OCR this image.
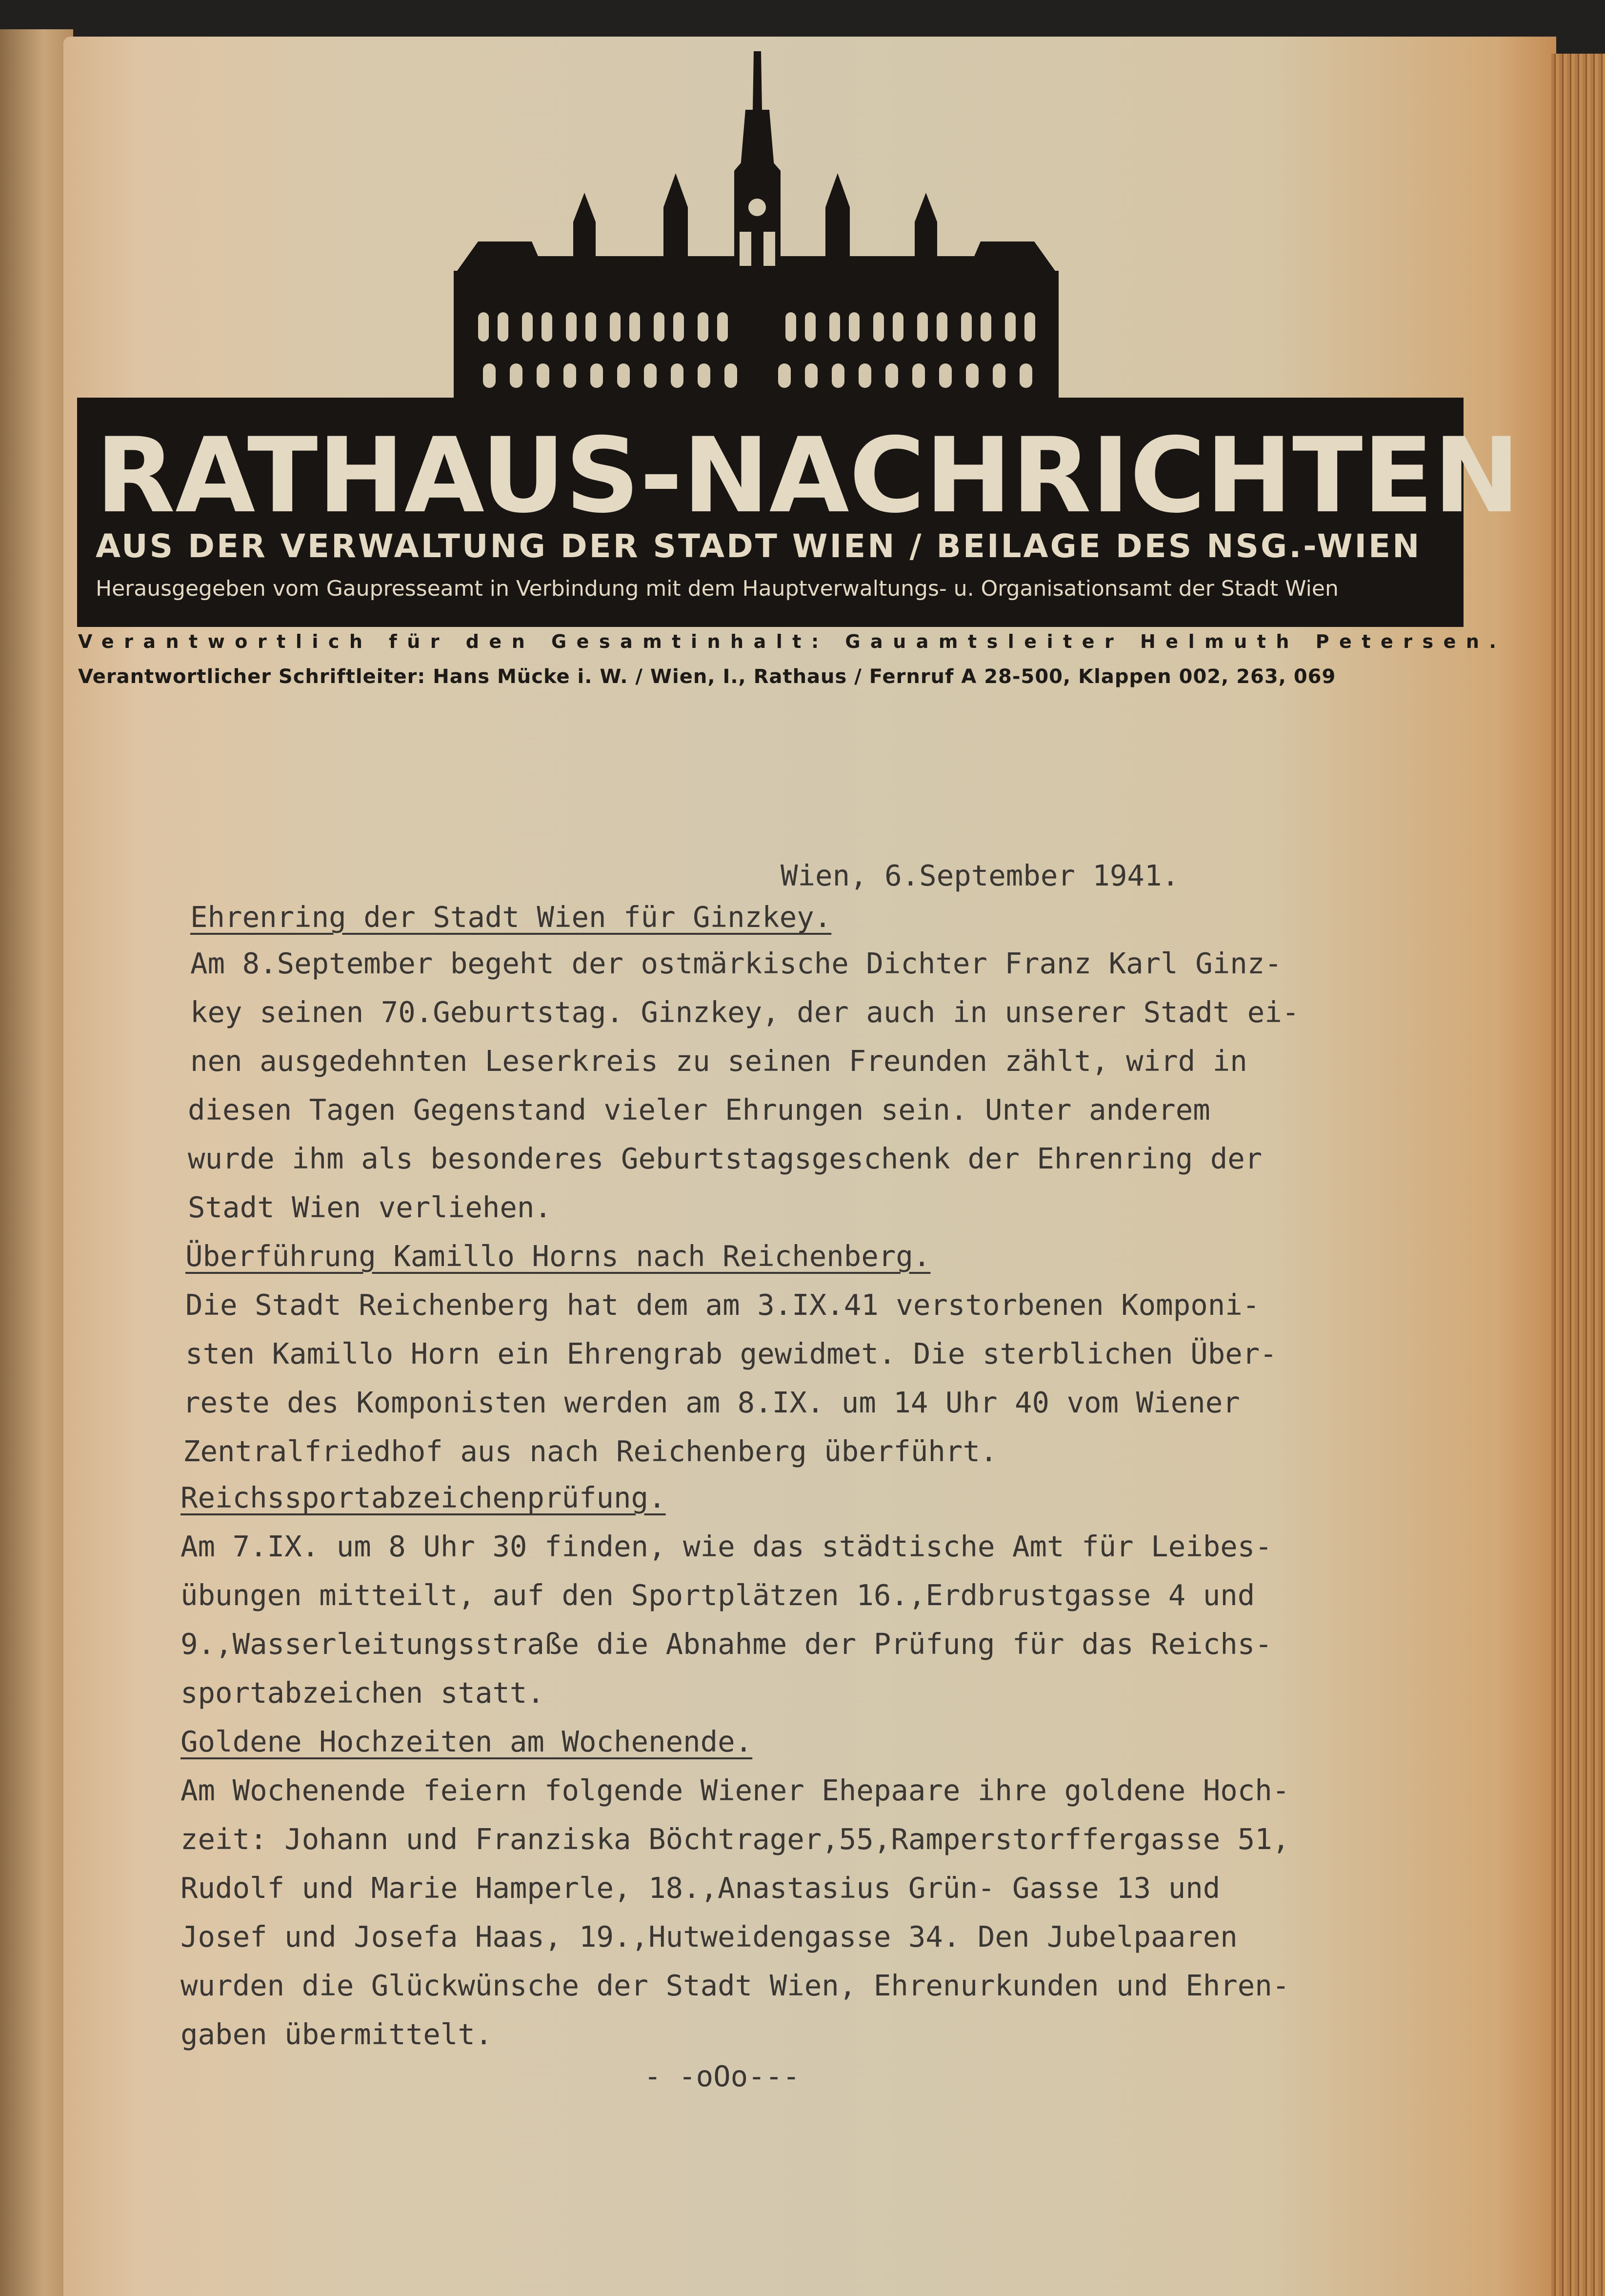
RATHAUS-NACHRICHTEN
AUS DER VERWALTUNG DER STADT WIEN / BEILAGE DES NSG.-WIEN
Herausgegeben vom Gaupresseamt in Verbindung mit dem Hauptverwaltungs- u. Organisationsamt der Stadt Wien
Verantwortlich für den Gesamtinhalt: Gauamtsleiter Helmuth Petersen.
Verantwortlicher Schriftleiter: Hans Mücke i. W. / Wien, I., Rathaus / Fernruf A 28-500, Klappen 002, 263, 069
Wien, 6.September 1941.
Ehrenring der Stadt Wien für Ginzkey.
Am 8.September begeht der ostmärkische Dichter Franz Karl Ginz-
key seinen 70.Geburtstag. Ginzkey, der auch in unserer Stadt ei-
nen ausgedehnten Leserkreis zu seinen Freunden zählt, wird in
diesen Tagen Gegenstand vieler Ehrungen sein. Unter anderem
wurde ihm als besonderes Geburtstagsgeschenk der Ehrenring der
Stadt Wien verliehen.
Überführung Kamillo Horns nach Reichenberg.
Die Stadt Reichenberg hat dem am 3.IX.41 verstorbenen Komponi-
sten Kamillo Horn ein Ehrengrab gewidmet. Die sterblichen Über-
reste des Komponisten werden am 8.IX. um 14 Uhr 40 vom Wiener
Zentralfriedhof aus nach Reichenberg überführt.
Reichssportabzeichenprüfung.
Am 7.IX. um 8 Uhr 30 finden, wie das städtische Amt für Leibes-
übungen mitteilt, auf den Sportplätzen 16.,Erdbrustgasse 4 und
9.,Wasserleitungsstraße die Abnahme der Prüfung für das Reichs-
sportabzeichen statt.
Goldene Hochzeiten am Wochenende.
Am Wochenende feiern folgende Wiener Ehepaare ihre goldene Hoch-
zeit: Johann und Franziska Böchtrager,55,Ramperstorffergasse 51,
Rudolf und Marie Hamperle, 18.,Anastasius Grün- Gasse 13 und
Josef und Josefa Haas, 19.,Hutweidengasse 34. Den Jubelpaaren
wurden die Glückwünsche der Stadt Wien, Ehrenurkunden und Ehren-
gaben übermittelt.
- -oOo---
